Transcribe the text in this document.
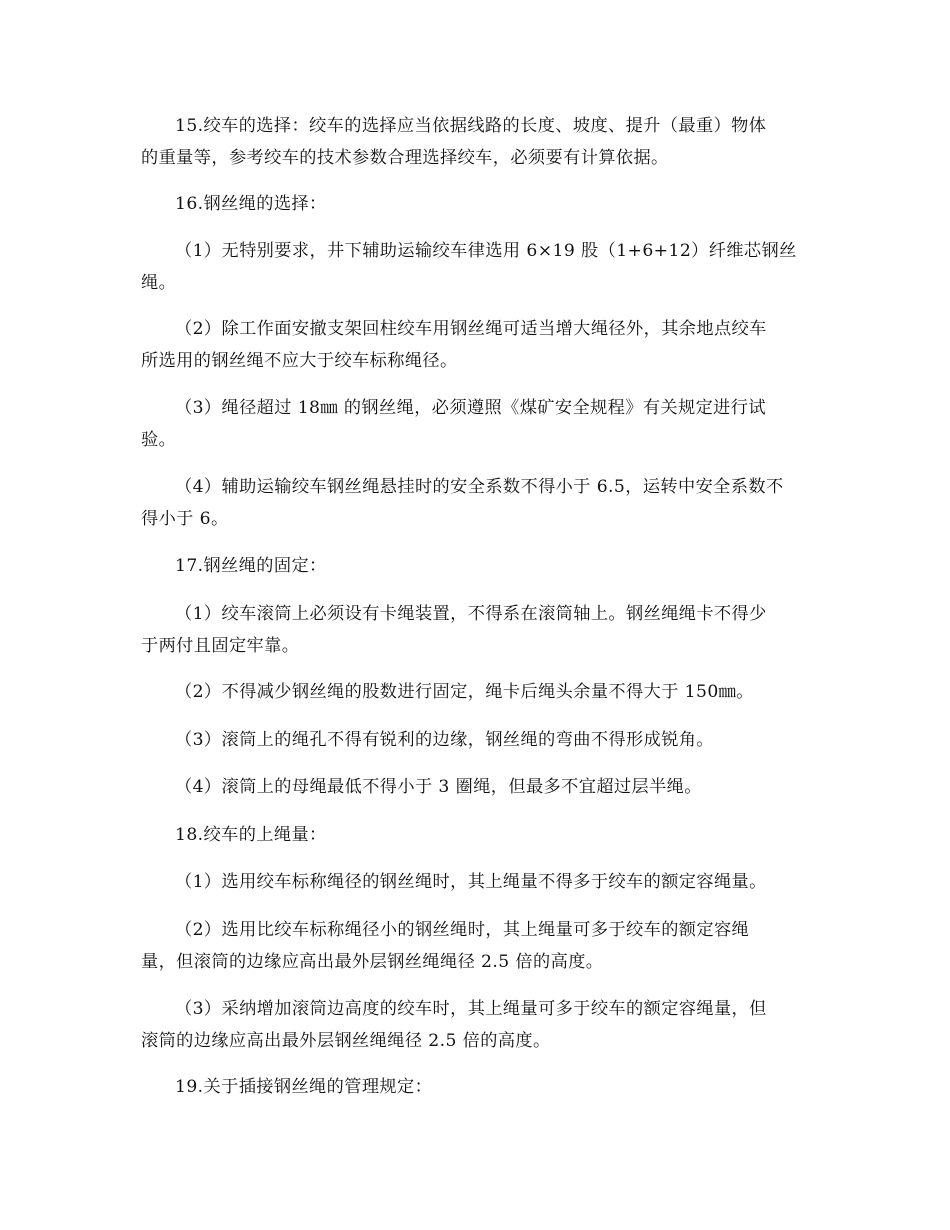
15.绞车的选择：绞车的选择应当依据线路的长度、坡度、提升（最重）物体
的重量等，参考绞车的技术参数合理选择绞车，必须要有计算依据。

16.钢丝绳的选择：

（1）无特别要求，井下辅助运输绞车律选用 6×19 股（1+6+12）纤维芯钢丝
绳。

（2）除工作面安撤支架回柱绞车用钢丝绳可适当增大绳径外，其余地点绞车
所选用的钢丝绳不应大于绞车标称绳径。

（3）绳径超过 18㎜ 的钢丝绳，必须遵照《煤矿安全规程》有关规定进行试
验。

（4）辅助运输绞车钢丝绳悬挂时的安全系数不得小于 6.5，运转中安全系数不
得小于 6。

17.钢丝绳的固定：

（1）绞车滚筒上必须设有卡绳装置，不得系在滚筒轴上。钢丝绳绳卡不得少
于两付且固定牢靠。

（2）不得减少钢丝绳的股数进行固定，绳卡后绳头余量不得大于 150㎜。

（3）滚筒上的绳孔不得有锐利的边缘，钢丝绳的弯曲不得形成锐角。

（4）滚筒上的母绳最低不得小于 3 圈绳，但最多不宜超过层半绳。

18.绞车的上绳量：

（1）选用绞车标称绳径的钢丝绳时，其上绳量不得多于绞车的额定容绳量。

（2）选用比绞车标称绳径小的钢丝绳时，其上绳量可多于绞车的额定容绳
量，但滚筒的边缘应高出最外层钢丝绳绳径 2.5 倍的高度。

（3）采纳增加滚筒边高度的绞车时，其上绳量可多于绞车的额定容绳量，但
滚筒的边缘应高出最外层钢丝绳绳径 2.5 倍的高度。

19.关于插接钢丝绳的管理规定：
